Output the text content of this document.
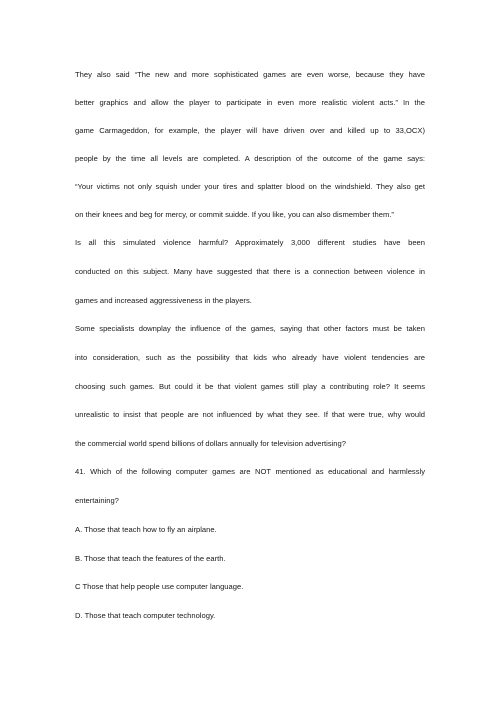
They also said “The new and more sophisticated games are even worse, because they have
better graphics and allow the player to participate in even more realistic violent acts.” In the
game Carmageddon, for example, the player will have driven over and killed up to 33,OCX)
people by the time all levels are completed. A description of the outcome of the game says:
“Your victims not only squish under your tires and splatter blood on the windshield. They also get
on their knees and beg for mercy, or commit suidde. If you like, you can also dismember them.”
Is all this simulated violence harmful? Approximately 3,000 different studies have been
conducted on this subject. Many have suggested that there is a connection between violence in
games and increased aggressiveness in the players.
Some specialists downplay the influence of the games, saying that other factors must be taken
into consideration, such as the possibility that kids who already have violent tendencies are
choosing such games. But could it be that violent games still play a contributing role? It seems
unrealistic to insist that people are not influenced by what they see. If that were true, why would
the commercial world spend billions of dollars annually for television advertising?
41. Which of the following computer games are NOT mentioned as educational and harmlessly
entertaining?
A. Those that teach how to fly an airplane.
B. Those that teach the features of the earth.
C Those that help people use computer language.
D. Those that teach computer technology.
